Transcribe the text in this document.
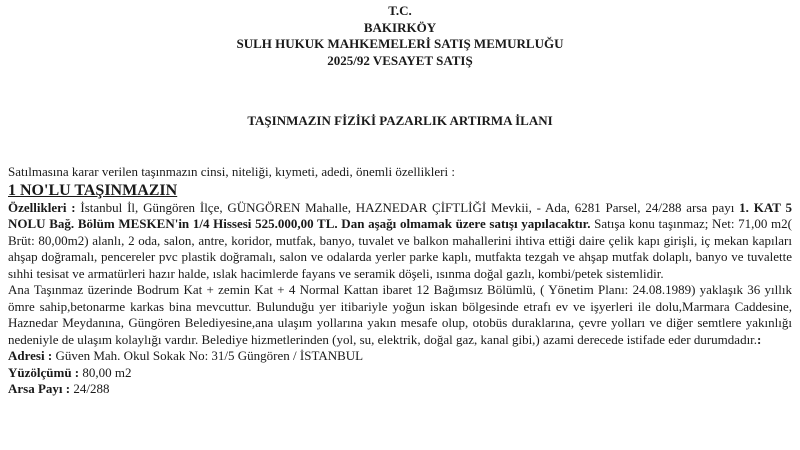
T.C.
BAKIRKÖY
SULH HUKUK MAHKEMELERİ SATIŞ MEMURLUĞU
2025/92 VESAYET SATIŞ
TAŞINMAZIN FİZİKİ PAZARLIK ARTIRMA İLANI

Satılmasına karar verilen taşınmazın cinsi, niteliği, kıymeti, adedi, önemli özellikleri :

1 NO'LU TAŞINMAZIN

Özellikleri : İstanbul İl, Güngören İlçe, GÜNGÖREN Mahalle, HAZNEDAR ÇİFTLİĞİ Mevkii, - Ada, 6281 Parsel, 24/288 arsa payı 1. KAT 5 NOLU Bağ. Bölüm MESKEN'in 1/4 Hissesi 525.000,00 TL. Dan aşağı olmamak üzere satışı yapılacaktır. Satışa konu taşınmaz; Net: 71,00 m2( Brüt: 80,00m2) alanlı, 2 oda, salon, antre, koridor, mutfak, banyo, tuvalet ve balkon mahallerini ihtiva ettiği daire çelik kapı girişli, iç mekan kapıları ahşap doğramalı, pencereler pvc plastik doğramalı, salon ve odalarda yerler parke kaplı, mutfakta tezgah ve ahşap mutfak dolaplı, banyo ve tuvalette sıhhi tesisat ve armatürleri hazır halde, ıslak hacimlerde fayans ve seramik döşeli, ısınma doğal gazlı, kombi/petek sistemlidir.

Ana Taşınmaz üzerinde Bodrum Kat + zemin Kat + 4 Normal Kattan ibaret 12 Bağımsız Bölümlü, ( Yönetim Planı: 24.08.1989) yaklaşık 36 yıllık ömre sahip,betonarme karkas bina mevcuttur. Bulunduğu yer itibariyle yoğun iskan bölgesinde etrafı ev ve işyerleri ile dolu,Marmara Caddesine, Haznedar Meydanına, Güngören Belediyesine,ana ulaşım yollarına yakın mesafe olup, otobüs duraklarına, çevre yolları ve diğer semtlere yakınlığı nedeniyle de ulaşım kolaylığı vardır. Belediye hizmetlerinden (yol, su, elektrik, doğal gaz, kanal gibi,) azami derecede istifade eder durumdadır.:

Adresi : Güven Mah. Okul Sokak No: 31/5 Güngören / İSTANBUL

Yüzölçümü : 80,00 m2

Arsa Payı : 24/288
